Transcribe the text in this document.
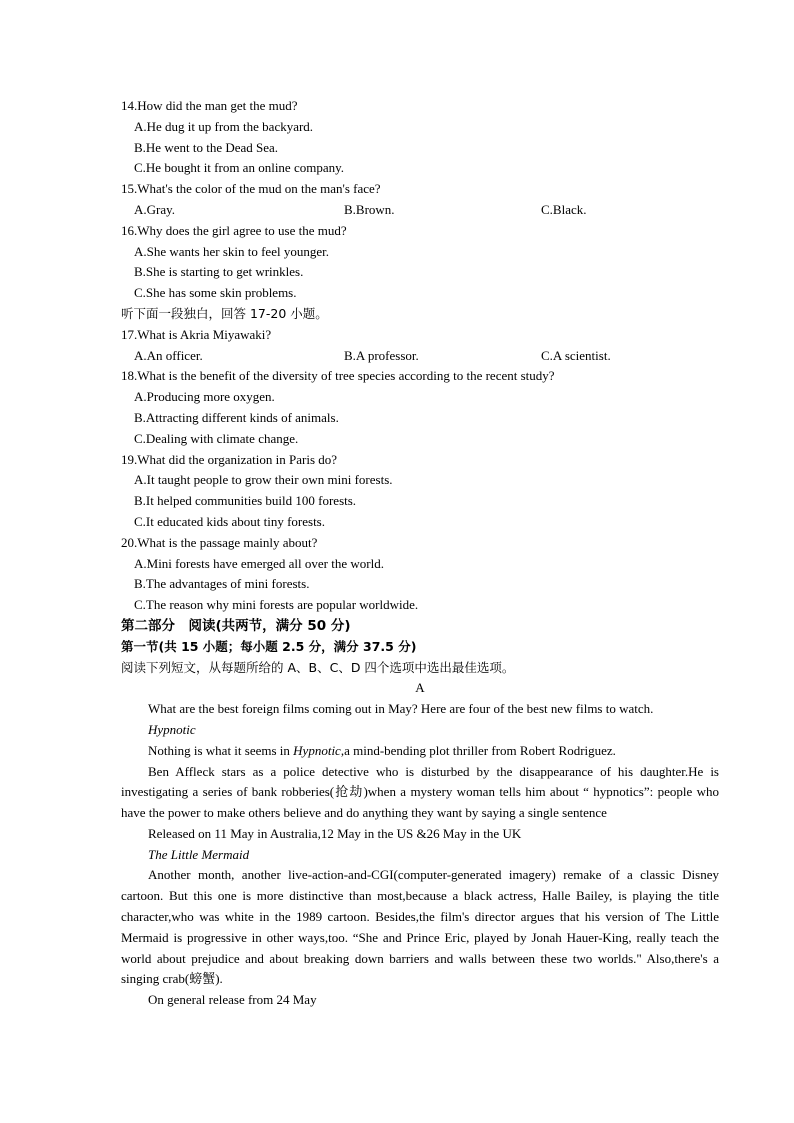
14.How did the man get the mud?
A.He dug it up from the backyard.
B.He went to the Dead Sea.
C.He bought it from an online company.
15.What's the color of the mud on the man's face?
A.Gray.	B.Brown.	C.Black.
16.Why does the girl agree to use the mud?
A.She wants her skin to feel younger.
B.She is starting to get wrinkles.
C.She has some skin problems.
听下面一段独白，回答 17-20 小题。
17.What is Akria Miyawaki?
A.An officer.	B.A professor.	C.A scientist.
18.What is the benefit of the diversity of tree species according to the recent study?
A.Producing more oxygen.
B.Attracting different kinds of animals.
C.Dealing with climate change.
19.What did the organization in Paris do?
A.It taught people to grow their own mini forests.
B.It helped communities build 100 forests.
C.It educated kids about tiny forests.
20.What is the passage mainly about?
A.Mini forests have emerged all over the world.
B.The advantages of mini forests.
C.The reason why mini forests are popular worldwide.
第二部分　阅读(共两节，满分 50 分)
第一节(共 15 小题；每小题 2.5 分，满分 37.5 分)
阅读下列短文，从每题所给的 A、B、C、D 四个选项中选出最佳选项。
A
What are the best foreign films coming out in May? Here are four of the best new films to watch.
Hypnotic
Nothing is what it seems in Hypnotic,a mind-bending plot thriller from Robert Rodriguez.
Ben Affleck stars as a police detective who is disturbed by the disappearance of his daughter.He is investigating a series of bank robberies(抢劫)when a mystery woman tells him about “ hypnotics”: people who have the power to make others believe and do anything they want by saying a single sentence
Released on 11 May in Australia,12 May in the US &26 May in the UK
The Little Mermaid
Another month, another live-action-and-CGI(computer-generated imagery) remake of a classic Disney cartoon. But this one is more distinctive than most,because a black actress, Halle Bailey, is playing the title character,who was white in the 1989 cartoon. Besides,the film's director argues that his version of The Little Mermaid is progressive in other ways,too. “She and Prince Eric, played by Jonah Hauer-King, really teach the world about prejudice and about breaking down barriers and walls between these two worlds." Also,there's a singing crab(螃蟹).
On general release from 24 May
